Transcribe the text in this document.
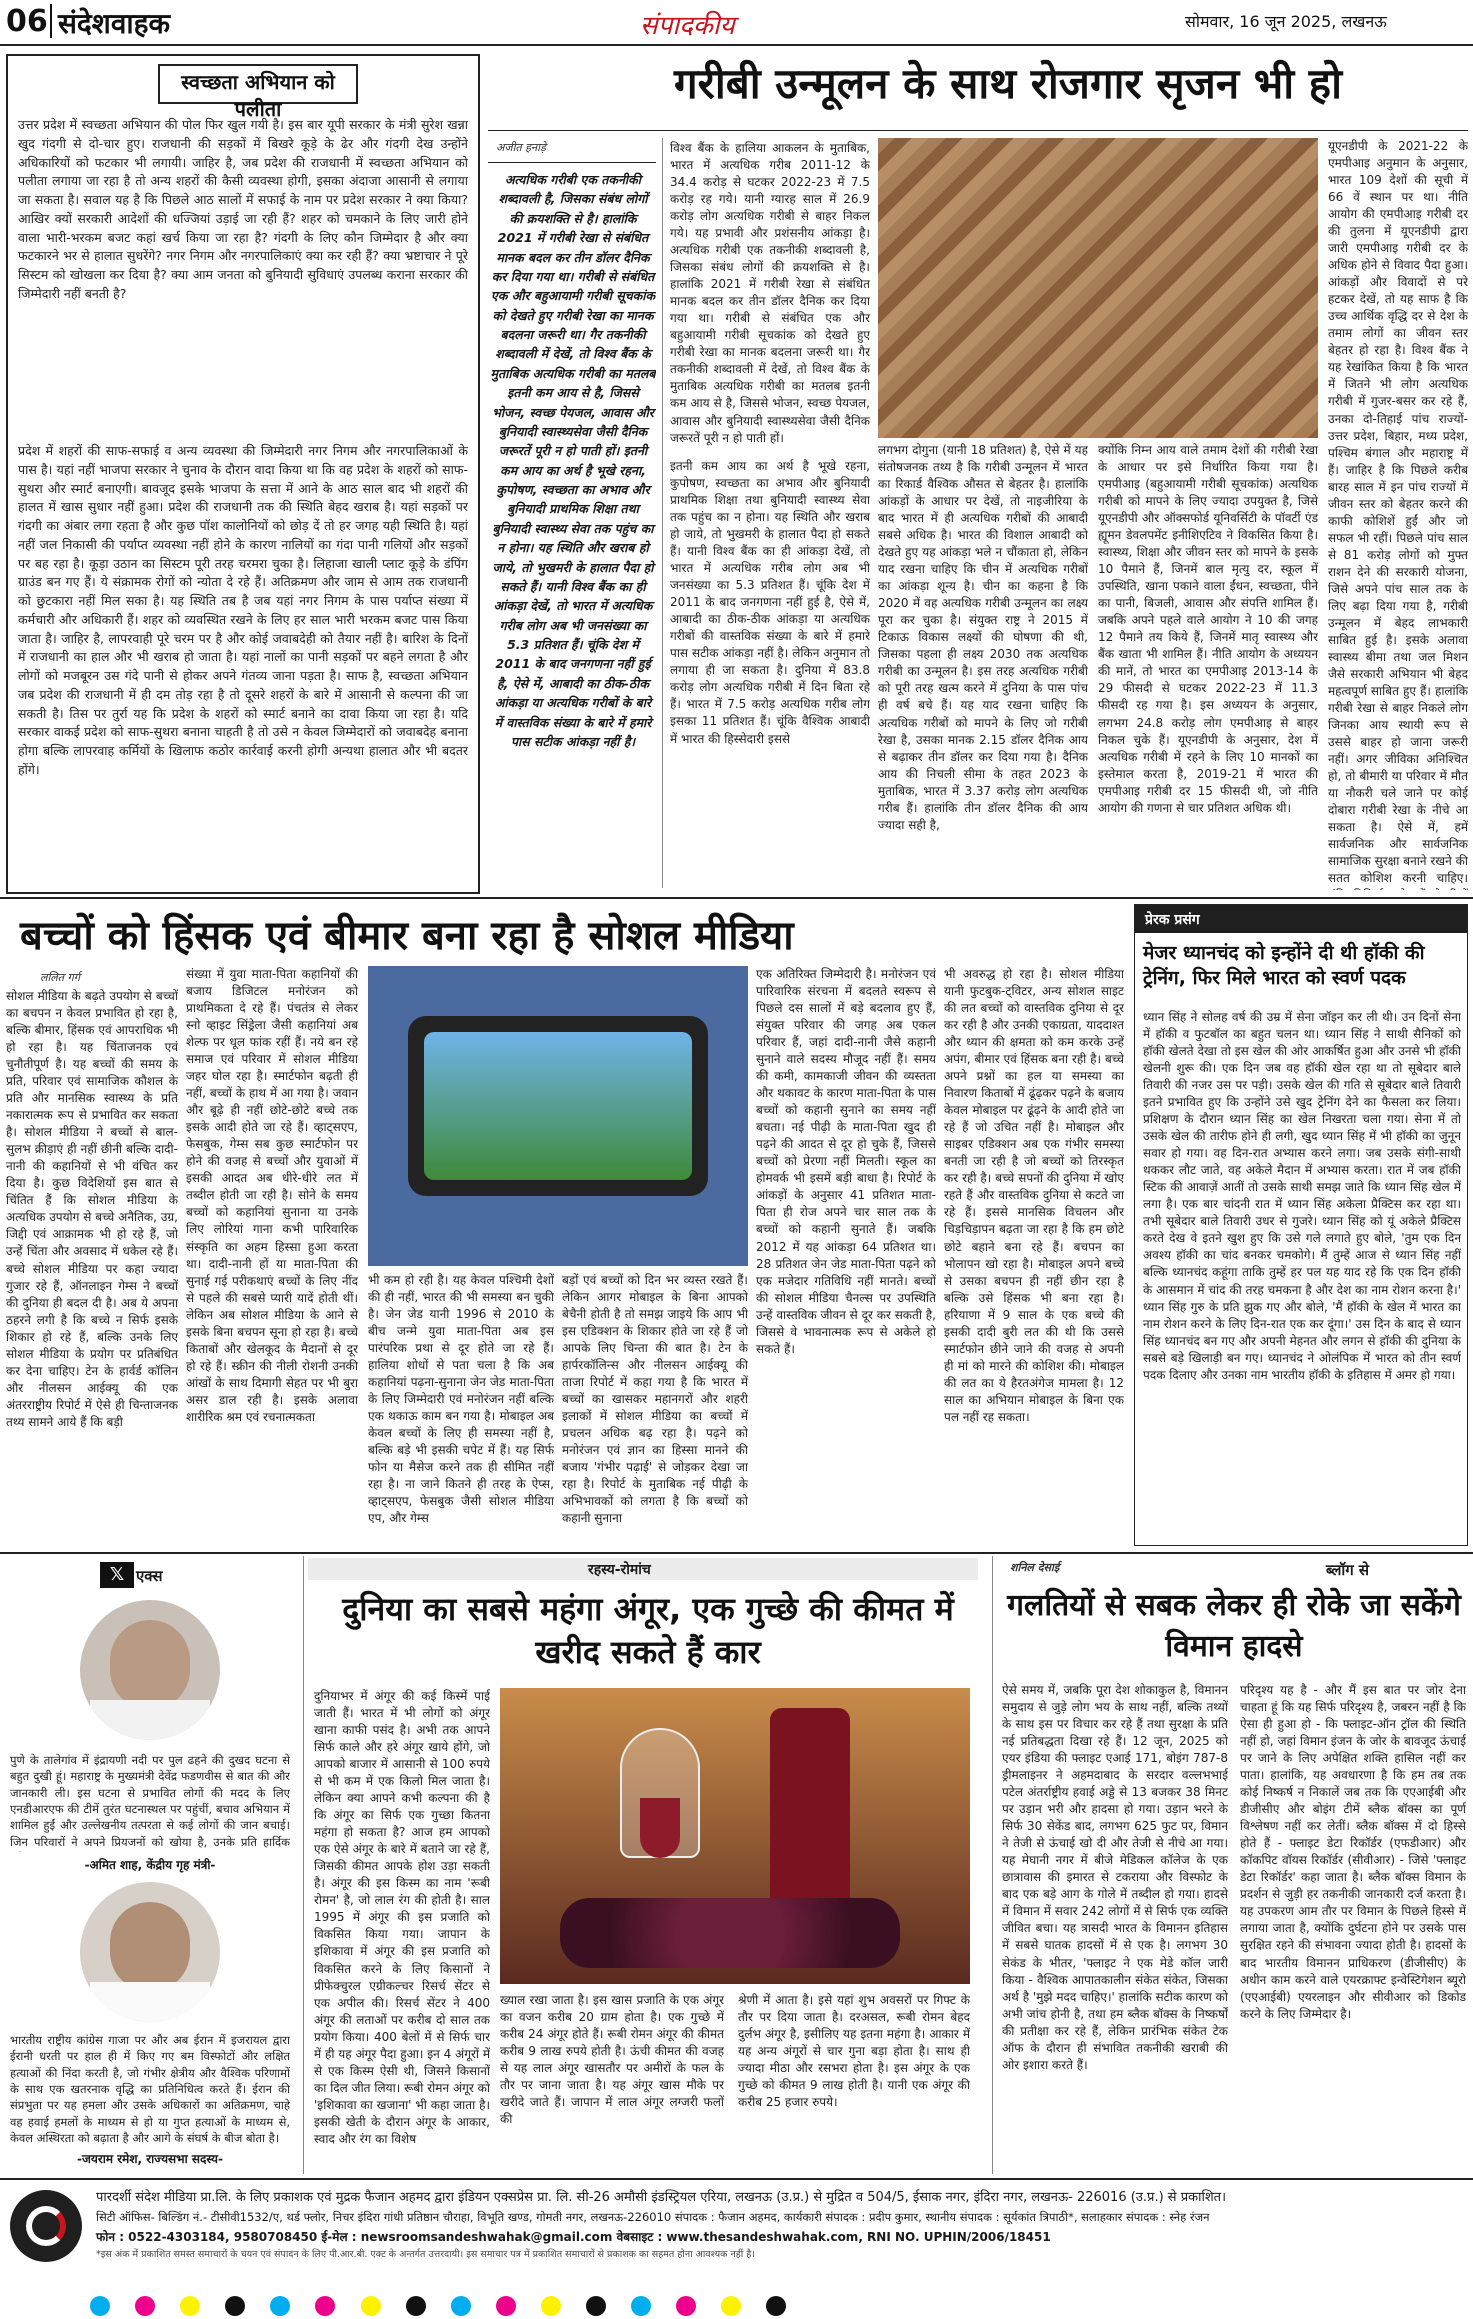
06 संदेशवाहक	संपादकीय	सोमवार, 16 जून 2025, लखनऊ
स्वच्छता अभियान को पलीता
उत्तर प्रदेश में स्वच्छता अभियान की पोल फिर खुल गयी है। इस बार यूपी सरकार के मंत्री सुरेश खन्ना खुद गंदगी से दो-चार हुए। राजधानी की सड़कों में बिखरे कूड़े के ढेर और गंदगी देख उन्होंने अधिकारियों को फटकार भी लगायी। जाहिर है, जब प्रदेश की राजधानी में स्वच्छता अभियान को पलीता लगाया जा रहा है तो अन्य शहरों की कैसी व्यवस्था होगी, इसका अंदाजा आसानी से लगाया जा सकता है। सवाल यह है कि पिछले आठ सालों में सफाई के नाम पर प्रदेश सरकार ने क्या किया? आखिर क्यों सरकारी आदेशों की धज्जियां उड़ाई जा रही हैं? शहर को चमकाने के लिए जारी होने वाला भारी-भरकम बजट कहां खर्च किया जा रहा है? गंदगी के लिए कौन जिम्मेदार है और क्या फटकारने भर से हालात सुधरेंगे? नगर निगम और नगरपालिकाएं क्या कर रही हैं? क्या भ्रष्टाचार ने पूरे सिस्टम को खोखला कर दिया है? क्या आम जनता को बुनियादी सुविधाएं उपलब्ध कराना सरकार की जिम्मेदारी नहीं बनती है?
प्रदेश में शहरों की साफ-सफाई व अन्य व्यवस्था की जिम्मेदारी नगर निगम और नगरपालिकाओं के पास है। यहां नहीं भाजपा सरकार ने चुनाव के दौरान वादा किया था कि वह प्रदेश के शहरों को साफ-सुथरा और स्मार्ट बनाएगी। बावजूद इसके भाजपा के सत्ता में आने के आठ साल बाद भी शहरों की हालत में खास सुधार नहीं हुआ। प्रदेश की राजधानी तक की स्थिति बेहद खराब है। यहां सड़कों पर गंदगी का अंबार लगा रहता है और कुछ पॉश कालोनियों को छोड़ दें तो हर जगह यही स्थिति है। यहां नहीं जल निकासी की पर्याप्त व्यवस्था नहीं होने के कारण नालियों का गंदा पानी गलियों और सड़कों पर बह रहा है। कूड़ा उठान का सिस्टम पूरी तरह चरमरा चुका है। लिहाजा खाली प्लाट कूड़े के डंपिंग ग्राउंड बन गए हैं। ये संक्रामक रोगों को न्योता दे रहे हैं। अतिक्रमण और जाम से आम तक राजधानी को छुटकारा नहीं मिल सका है। यह स्थिति तब है जब यहां नगर निगम के पास पर्याप्त संख्या में कर्मचारी और अधिकारी हैं। शहर को व्यवस्थित रखने के लिए हर साल भारी भरकम बजट पास किया जाता है। जाहिर है, लापरवाही पूरे चरम पर है और कोई जवाबदेही को तैयार नहीं है। बारिश के दिनों में राजधानी का हाल और भी खराब हो जाता है। यहां नालों का पानी सड़कों पर बहने लगता है और लोगों को मजबूरन उस गंदे पानी से होकर अपने गंतव्य जाना पड़ता है। साफ है, स्वच्छता अभियान जब प्रदेश की राजधानी में ही दम तोड़ रहा है तो दूसरे शहरों के बारे में आसानी से कल्पना की जा सकती है। तिस पर तुर्रा यह कि प्रदेश के शहरों को स्मार्ट बनाने का दावा किया जा रहा है। यदि सरकार वाकई प्रदेश को साफ-सुथरा बनाना चाहती है तो उसे न केवल जिम्मेदारों को जवाबदेह बनाना होगा बल्कि लापरवाह कर्मियों के खिलाफ कठोर कार्रवाई करनी होगी अन्यथा हालात और भी बदतर होंगे।
गरीबी उन्मूलन के साथ रोजगार सृजन भी हो
अजीत हनाड़े
अत्यधिक गरीबी एक तकनीकी शब्दावली है, जिसका संबंध लोगों की क्रयशक्ति से है। हालांकि 2021 में गरीबी रेखा से संबंधित मानक बदल कर तीन डॉलर दैनिक कर दिया गया था। गरीबी से संबंधित एक और बहुआयामी गरीबी सूचकांक को देखते हुए गरीबी रेखा का मानक बदलना जरूरी था। गैर तकनीकी शब्दावली में देखें, तो विश्व बैंक के मुताबिक अत्यधिक गरीबी का मतलब इतनी कम आय से है, जिससे भोजन, स्वच्छ पेयजल, आवास और बुनियादी स्वास्थ्यसेवा जैसी दैनिक जरूरतें पूरी न हो पाती हों। इतनी कम आय का अर्थ है भूखे रहना, कुपोषण, स्वच्छता का अभाव और बुनियादी प्राथमिक शिक्षा तथा बुनियादी स्वास्थ्य सेवा तक पहुंच का न होना। यह स्थिति और खराब हो जाये, तो भुखमरी के हालात पैदा हो सकते हैं। यानी विश्व बैंक का ही आंकड़ा देखें, तो भारत में अत्यधिक गरीब लोग अब भी जनसंख्या का 5.3 प्रतिशत हैं। चूंकि देश में 2011 के बाद जनगणना नहीं हुई है, ऐसे में, आबादी का ठीक-ठीक आंकड़ा या अत्यधिक गरीबों के बारे में वास्तविक संख्या के बारे में हमारे पास सटीक आंकड़ा नहीं है।
विश्व बैंक के हालिया आकलन के मुताबिक, भारत में अत्यधिक गरीब 2011-12 के 34.4 करोड़ से घटकर 2022-23 में 7.5 करोड़ रह गये। यानी ग्यारह साल में 26.9 करोड़ लोग अत्यधिक गरीबी से बाहर निकल गये। यह प्रभावी और प्रशंसनीय आंकड़ा है। अत्यधिक गरीबी एक तकनीकी शब्दावली है, जिसका संबंध लोगों की क्रयशक्ति से है। हालांकि 2021 में गरीबी रेखा से संबंधित मानक बदल कर तीन डॉलर दैनिक कर दिया गया था। गरीबी से संबंधित एक और बहुआयामी गरीबी सूचकांक को देखते हुए गरीबी रेखा का मानक बदलना जरूरी था। गैर तकनीकी शब्दावली में देखें, तो विश्व बैंक के मुताबिक अत्यधिक गरीबी का मतलब इतनी कम आय से है, जिससे भोजन, स्वच्छ पेयजल, आवास और बुनियादी स्वास्थ्यसेवा जैसी दैनिक जरूरतें पूरी न हो पाती हों।
इतनी कम आय का अर्थ है भूखे रहना, कुपोषण, स्वच्छता का अभाव और बुनियादी प्राथमिक शिक्षा तथा बुनियादी स्वास्थ्य सेवा तक पहुंच का न होना। यह स्थिति और खराब हो जाये, तो भुखमरी के हालात पैदा हो सकते हैं। यानी विश्व बैंक का ही आंकड़ा देखें, तो भारत में अत्यधिक गरीब लोग अब भी जनसंख्या का 5.3 प्रतिशत हैं। चूंकि देश में 2011 के बाद जनगणना नहीं हुई है, ऐसे में, आबादी का ठीक-ठीक आंकड़ा या अत्यधिक गरीबों की वास्तविक संख्या के बारे में हमारे पास सटीक आंकड़ा नहीं है। लेकिन अनुमान तो लगाया ही जा सकता है। दुनिया में 83.8 करोड़ लोग अत्यधिक गरीबी में दिन बिता रहे हैं। भारत में 7.5 करोड़ अत्यधिक गरीब लोग इसका 11 प्रतिशत हैं। चूंकि वैश्विक आबादी में भारत की हिस्सेदारी इससे
लगभग दोगुना (यानी 18 प्रतिशत) है, ऐसे में यह संतोषजनक तथ्य है कि गरीबी उन्मूलन में भारत का रिकार्ड वैश्विक औसत से बेहतर है। हालांकि आंकड़ों के आधार पर देखें, तो नाइजीरिया के बाद भारत में ही अत्यधिक गरीबों की आबादी सबसे अधिक है। भारत की विशाल आबादी को देखते हुए यह आंकड़ा भले न चौंकाता हो, लेकिन याद रखना चाहिए कि चीन में अत्यधिक गरीबों का आंकड़ा शून्य है। चीन का कहना है कि 2020 में वह अत्यधिक गरीबी उन्मूलन का लक्ष्य पूरा कर चुका है। संयुक्त राष्ट्र ने 2015 में टिकाऊ विकास लक्ष्यों की घोषणा की थी, जिसका पहला ही लक्ष्य 2030 तक अत्यधिक गरीबी का उन्मूलन है। इस तरह अत्यधिक गरीबी को पूरी तरह खत्म करने में दुनिया के पास पांच ही वर्ष बचे हैं। यह याद रखना चाहिए कि अत्यधिक गरीबों को मापने के लिए जो गरीबी रेखा है, उसका मानक 2.15 डॉलर दैनिक आय से बढ़ाकर तीन डॉलर कर दिया गया है। दैनिक आय की निचली सीमा के तहत 2023 के मुताबिक, भारत में 3.37 करोड़ लोग अत्यधिक गरीब हैं। हालांकि तीन डॉलर दैनिक की आय ज्यादा सही है,
क्योंकि निम्न आय वाले तमाम देशों की गरीबी रेखा के आधार पर इसे निर्धारित किया गया है। एमपीआइ (बहुआयामी गरीबी सूचकांक) अत्यधिक गरीबी को मापने के लिए ज्यादा उपयुक्त है, जिसे यूएनडीपी और ऑक्सफोर्ड यूनिवर्सिटी के पॉवर्टी एंड ह्यूमन डेवलपमेंट इनीशिएटिव ने विकसित किया है। स्वास्थ्य, शिक्षा और जीवन स्तर को मापने के इसके 10 पैमाने हैं, जिनमें बाल मृत्यु दर, स्कूल में उपस्थिति, खाना पकाने वाला ईंधन, स्वच्छता, पीने का पानी, बिजली, आवास और संपत्ति शामिल हैं। जबकि अपने पहले वाले आयोग ने 10 की जगह 12 पैमाने तय किये हैं, जिनमें मातृ स्वास्थ्य और बैंक खाता भी शामिल हैं। नीति आयोग के अध्ययन की मानें, तो भारत का एमपीआइ 2013-14 के 29 फीसदी से घटकर 2022-23 में 11.3 फीसदी रह गया है। इस अध्ययन के अनुसार, लगभग 24.8 करोड़ लोग एमपीआइ से बाहर निकल चुके हैं। यूएनडीपी के अनुसार, देश में अत्यधिक गरीबी में रहने के लिए 10 मानकों का इस्तेमाल करता है, 2019-21 में भारत की एमपीआइ गरीबी दर 15 फीसदी थी, जो नीति आयोग की गणना से चार प्रतिशत अधिक थी।
यूएनडीपी के 2021-22 के एमपीआइ अनुमान के अनुसार, भारत 109 देशों की सूची में 66 वें स्थान पर था। नीति आयोग की एमपीआइ गरीबी दर की तुलना में यूएनडीपी द्वारा जारी एमपीआइ गरीबी दर के अधिक होने से विवाद पैदा हुआ। आंकड़ों और विवादों से परे हटकर देखें, तो यह साफ है कि उच्च आर्थिक वृद्धि दर से देश के तमाम लोगों का जीवन स्तर बेहतर हो रहा है। विश्व बैंक ने यह रेखांकित किया है कि भारत में जितने भी लोग अत्यधिक गरीबी में गुजर-बसर कर रहे हैं, उनका दो-तिहाई पांच राज्यों-उत्तर प्रदेश, बिहार, मध्य प्रदेश, पश्चिम बंगाल और महाराष्ट्र में हैं। जाहिर है कि पिछले करीब बारह साल में इन पांच राज्यों में जीवन स्तर को बेहतर करने की काफी कोशिशें हुईं और जो सफल भी रहीं। पिछले पांच साल से 81 करोड़ लोगों को मुफ्त राशन देने की सरकारी योजना, जिसे अपने पांच साल तक के लिए बढ़ा दिया गया है, गरीबी उन्मूलन में बेहद लाभकारी साबित हुई है। इसके अलावा स्वास्थ्य बीमा तथा जल मिशन जैसे सरकारी अभियान भी बेहद महत्वपूर्ण साबित हुए हैं। हालांकि गरीबी रेखा से बाहर निकले लोग जिनका आय स्थायी रूप से उससे बाहर हो जाना जरूरी नहीं। अगर जीविका अनिश्चित हो, तो बीमारी या परिवार में मौत या नौकरी चले जाने पर कोई दोबारा गरीबी रेखा के नीचे आ सकता है। ऐसे में, हमें सार्वजनिक और सार्वजनिक सामाजिक सुरक्षा बनाने रखने की सतत कोशिश करनी चाहिए।
बच्चों को हिंसक एवं बीमार बना रहा है सोशल मीडिया
ललित गर्ग
सोशल मीडिया के बढ़ते उपयोग से बच्चों का बचपन न केवल प्रभावित हो रहा है, बल्कि बीमार, हिंसक एवं आपराधिक भी हो रहा है। यह चिंताजनक एवं चुनौतीपूर्ण है। यह बच्चों की समय के प्रति, परिवार एवं सामाजिक कौशल के प्रति और मानसिक स्वास्थ्य के प्रति नकारात्मक रूप से प्रभावित कर सकता है। सोशल मीडिया ने बच्चों से बाल-सुलभ क्रीड़ाएं ही नहीं छीनी बल्कि दादी-नानी की कहानियों से भी वंचित कर दिया है। कुछ विदेशियों इस बात से चिंतित हैं कि सोशल मीडिया के अत्यधिक उपयोग से बच्चे अनैतिक, उग्र, जिद्दी एवं आक्रामक भी हो रहे हैं, जो उन्हें चिंता और अवसाद में धकेल रहे हैं। बच्चे सोशल मीडिया पर कहा ज्यादा गुजार रहे हैं, ऑनलाइन गेम्स ने बच्चों की दुनिया ही बदल दी है। अब ये अपना ठहरने लगी है कि बच्चे न सिर्फ इसके शिकार हो रहे हैं, बल्कि उनके लिए सोशल मीडिया के प्रयोग पर प्रतिबंधित कर देना चाहिए। टेन के हार्वर्ड कॉलिन और नीलसन आईक्यू की एक अंतरराष्ट्रीय रिपोर्ट में ऐसे ही चिन्ताजनक तथ्य सामने आये हैं कि बड़ी
संख्या में युवा माता-पिता कहानियों की बजाय डिजिटल मनोरंजन को प्राथमिकता दे रहे हैं। पंचतंत्र से लेकर स्नो व्हाइट सिंड्रेला जैसी कहानियां अब शेल्फ पर धूल फांक रहीं हैं। नये बन रहे समाज एवं परिवार में सोशल मीडिया जहर घोल रहा है। स्मार्टफोन बढ़ती ही नहीं, बच्चों के हाथ में आ गया है। जवान और बूढ़े ही नहीं छोटे-छोटे बच्चे तक इसके आदी होते जा रहे हैं। व्हाट्सएप, फेसबुक, गेम्स सब कुछ स्मार्टफोन पर होने की वजह से बच्चों और युवाओं में इसकी आदत अब धीरे-धीरे लत में तब्दील होती जा रही है। सोने के समय बच्चों को कहानियां सुनाना या उनके लिए लोरियां गाना कभी पारिवारिक संस्कृति का अहम हिस्सा हुआ करता था। दादी-नानी हों या माता-पिता की सुनाई गई परीकथाएं बच्चों के लिए नींद से पहले की सबसे प्यारी यादें होती थीं। लेकिन अब सोशल मीडिया के आने से इसके बिना बचपन सूना हो रहा है। बच्चे किताबों और खेलकूद के मैदानों से दूर हो रहे हैं। स्क्रीन की नीली रोशनी उनकी आंखों के साथ दिमागी सेहत पर भी बुरा असर डाल रही है। इसके अलावा शारीरिक श्रम एवं रचनात्मकता
भी कम हो रही है। यह केवल पश्चिमी देशों की ही नहीं, भारत की भी समस्या बन चुकी है। जेन जेड यानी 1996 से 2010 के बीच जन्मे युवा माता-पिता अब इस पारंपरिक प्रथा से दूर होते जा रहे हैं। हालिया शोधों से पता चला है कि अब कहानियां पढ़ना-सुनाना जेन जेड माता-पिता के लिए जिम्मेदारी एवं मनोरंजन नहीं बल्कि एक थकाऊ काम बन गया है। मोबाइल अब केवल बच्चों के लिए ही समस्या नहीं है, बल्कि बड़े भी इसकी चपेट में हैं। यह सिर्फ फोन या मैसेज करने तक ही सीमित नहीं रहा है। ना जाने कितने ही तरह के ऐप्स, व्हाट्सएप, फेसबुक जैसी सोशल मीडिया एप, और गेम्स
बड़ों एवं बच्चों को दिन भर व्यस्त रखते हैं। लेकिन आगर मोबाइल के बिना आपको बेचैनी होती है तो समझ जाइये कि आप भी इस एडिक्शन के शिकार होते जा रहे हैं जो आपके लिए चिन्ता की बात है। टेन के हार्परकॉलिन्स और नीलसन आईक्यू की ताजा रिपोर्ट में कहा गया है कि भारत में बच्चों का खासकर महानगरों और शहरी इलाकों में सोशल मीडिया का बच्चों में प्रचलन अधिक बढ़ रहा है। पढ़ने को मनोरंजन एवं ज्ञान का हिस्सा मानने की बजाय 'गंभीर पढ़ाई' से जोड़कर देखा जा रहा है। रिपोर्ट के मुताबिक नई पीढ़ी के अभिभावकों को लगता है कि बच्चों को कहानी सुनाना
एक अतिरिक्त जिम्मेदारी है। मनोरंजन एवं पारिवारिक संरचना में बदलते स्वरूप से पिछले दस सालों में बड़े बदलाव हुए हैं, संयुक्त परिवार की जगह अब एकल परिवार हैं, जहां दादी-नानी जैसे कहानी सुनाने वाले सदस्य मौजूद नहीं हैं। समय की कमी, कामकाजी जीवन की व्यस्तता और थकावट के कारण माता-पिता के पास बच्चों को कहानी सुनाने का समय नहीं बचता। नई पीढ़ी के माता-पिता खुद ही पढ़ने की आदत से दूर हो चुके हैं, जिससे बच्चों को प्रेरणा नहीं मिलती। स्कूल का होमवर्क भी इसमें बड़ी बाधा है। रिपोर्ट के आंकड़ों के अनुसार 41 प्रतिशत माता-पिता ही रोज अपने चार साल तक के बच्चों को कहानी सुनाते हैं। जबकि 2012 में यह आंकड़ा 64 प्रतिशत था। 28 प्रतिशत जेन जेड माता-पिता पढ़ने को एक मजेदार गतिविधि नहीं मानते। बच्चों की सोशल मीडिया चैनल्स पर उपस्थिति उन्हें वास्तविक जीवन से दूर कर सकती है, जिससे वे भावनात्मक रूप से अकेले हो सकते हैं।
भी अवरुद्ध हो रहा है। सोशल मीडिया यानी फुटबुक-ट्विटर, अन्य सोशल साइट की लत बच्चों को वास्तविक दुनिया से दूर कर रही है और उनकी एकाग्रता, याददाश्त और ध्यान की क्षमता को कम करके उन्हें अपंग, बीमार एवं हिंसक बना रही है। बच्चे अपने प्रश्नों का हल या समस्या का निवारण किताबों में ढूंढ़कर पढ़ने के बजाय केवल मोबाइल पर ढूंढ़ने के आदी होते जा रहे हैं जो उचित नहीं है। मोबाइल और साइबर एडिक्शन अब एक गंभीर समस्या बनती जा रही है जो बच्चों को तिरस्कृत कर रही है। बच्चे सपनों की दुनिया में खोए रहते हैं और वास्तविक दुनिया से कटते जा रहे हैं। इससे मानसिक विचलन और चिड़चिड़ापन बढ़ता जा रहा है कि हम छोटे छोटे बहाने बना रहे हैं। बचपन का भोलापन खो रहा है। मोबाइल अपने बच्चे से उसका बचपन ही नहीं छीन रहा है बल्कि उसे हिंसक भी बना रहा है। हरियाणा में 9 साल के एक बच्चे की इसकी दादी बुरी लत की थी कि उससे स्मार्टफोन छीने जाने की वजह से अपनी ही मां को मारने की कोशिश की। मोबाइल की लत का ये हैरतअंगेज मामला है। 12 साल का अभियान मोबाइल के बिना एक पल नहीं रह सकता।
प्रेरक प्रसंग
मेजर ध्यानचंद को इन्होंने दी थी हॉकी की ट्रेनिंग, फिर मिले भारत को स्वर्ण पदक
ध्यान सिंह ने सोलह वर्ष की उम्र में सेना जॉइन कर ली थी। उन दिनों सेना में हॉकी व फुटबॉल का बहुत चलन था। ध्यान सिंह ने साथी सैनिकों को हॉकी खेलते देखा तो इस खेल की ओर आकर्षित हुआ और उनसे भी हॉकी खेलनी शुरू की। एक दिन जब वह हॉकी खेल रहा था तो सूबेदार बाले तिवारी की नजर उस पर पड़ी। उसके खेल की गति से सूबेदार बाले तिवारी इतने प्रभावित हुए कि उन्होंने उसे खुद ट्रेनिंग देने का फैसला कर लिया। प्रशिक्षण के दौरान ध्यान सिंह का खेल निखरता चला गया। सेना में तो उसके खेल की तारीफ होने ही लगी, खुद ध्यान सिंह में भी हॉकी का जुनून सवार हो गया। वह दिन-रात अभ्यास करने लगा। जब उसके संगी-साथी थककर लौट जाते, वह अकेले मैदान में अभ्यास करता। रात में जब हॉकी स्टिक की आवाज़ें आतीं तो उसके साथी समझ जाते कि ध्यान सिंह खेल में लगा है। एक बार चांदनी रात में ध्यान सिंह अकेला प्रैक्टिस कर रहा था। तभी सूबेदार बाले तिवारी उधर से गुजरे। ध्यान सिंह को यूं अकेले प्रैक्टिस करते देख वे इतने खुश हुए कि उसे गले लगाते हुए बोले, 'तुम एक दिन अवश्य हॉकी का चांद बनकर चमकोगे। मैं तुम्हें आज से ध्यान सिंह नहीं बल्कि ध्यानचंद कहूंगा ताकि तुम्हें हर पल यह याद रहे कि एक दिन हॉकी के आसमान में चांद की तरह चमकना है और देश का नाम रोशन करना है।' ध्यान सिंह गुरु के प्रति झुक गए और बोले, 'मैं हॉकी के खेल में भारत का नाम रोशन करने के लिए दिन-रात एक कर दूंगा।' उस दिन के बाद से ध्यान सिंह ध्यानचंद बन गए और अपनी मेहनत और लगन से हॉकी की दुनिया के सबसे बड़े खिलाड़ी बन गए। ध्यानचंद ने ओलंपिक में भारत को तीन स्वर्ण पदक दिलाए और उनका नाम भारतीय हॉकी के इतिहास में अमर हो गया।
𝕏 एक्स
पुणे के तालेगांव में इंद्रायणी नदी पर पुल ढहने की दुखद घटना से बहुत दुखी हूं। महाराष्ट्र के मुख्यमंत्री देवेंद्र फडणवीस से बात की और जानकारी ली। इस घटना से प्रभावित लोगों की मदद के लिए एनडीआरएफ की टीमें तुरंत घटनास्थल पर पहुंचीं, बचाव अभियान में शामिल हुईं और उल्लेखनीय तत्परता से कई लोगों की जान बचाई। जिन परिवारों ने अपने प्रियजनों को खोया है, उनके प्रति हार्दिक
-अमित शाह, केंद्रीय गृह मंत्री-
भारतीय राष्ट्रीय कांग्रेस गाजा पर और अब ईरान में इजरायल द्वारा ईरानी धरती पर हाल ही में किए गए बम विस्फोटों और लक्षित हत्याओं की निंदा करती है, जो गंभीर क्षेत्रीय और वैश्विक परिणामों के साथ एक खतरनाक वृद्धि का प्रतिनिधित्व करते हैं। ईरान की संप्रभुता पर यह हमला और उसके अधिकारों का अतिक्रमण, चाहे वह हवाई हमलों के माध्यम से हो या गुप्त हत्याओं के माध्यम से, केवल अस्थिरता को बढ़ाता है और आगे के संघर्ष के बीज बोता है।
-जयराम रमेश, राज्यसभा सदस्य-
रहस्य-रोमांच
दुनिया का सबसे महंगा अंगूर, एक गुच्छे की कीमत में खरीद सकते हैं कार
दुनियाभर में अंगूर की कई किस्में पाई जाती हैं। भारत में भी लोगों को अंगूर खाना काफी पसंद है। अभी तक आपने सिर्फ काले और हरे अंगूर खाये होंगे, जो आपको बाजार में आसानी से 100 रुपये से भी कम में एक किलो मिल जाता है। लेकिन क्या आपने कभी कल्पना की है कि अंगूर का सिर्फ एक गुच्छा कितना महंगा हो सकता है? आज हम आपको एक ऐसे अंगूर के बारे में बताने जा रहे हैं, जिसकी कीमत आपके होश उड़ा सकती है। अंगूर की इस किस्म का नाम 'रूबी रोमन' है, जो लाल रंग की होती है। साल 1995 में अंगूर की इस प्रजाति को विकसित किया गया। जापान के इशिकावा में अंगूर की इस प्रजाति को विकसित करने के लिए किसानों ने प्रीफेक्चुरल एग्रीकल्चर रिसर्च सेंटर से एक अपील की। रिसर्च सेंटर ने 400 अंगूर की लताओं पर करीब दो साल तक प्रयोग किया। 400 बेलों में से सिर्फ चार में ही यह अंगूर पैदा हुआ। इन 4 अंगूरों में से एक किस्म ऐसी थी, जिसने किसानों का दिल जीत लिया। रूबी रोमन अंगूर को 'इशिकावा का खजाना' भी कहा जाता है। इसकी खेती के दौरान अंगूर के आकार, स्वाद और रंग का विशेष
ख्याल रखा जाता है। इस खास प्रजाति के एक अंगूर का वजन करीब 20 ग्राम होता है। एक गुच्छे में करीब 24 अंगूर होते हैं। रूबी रोमन अंगूर की कीमत करीब 9 लाख रुपये होती है। ऊंची कीमत की वजह से यह लाल अंगूर खासतौर पर अमीरों के फल के तौर पर जाना जाता है। यह अंगूर खास मौके पर खरीदे जाते हैं। जापान में लाल अंगूर लग्जरी फलों की
श्रेणी में आता है। इसे यहां शुभ अवसरों पर गिफ्ट के तौर पर दिया जाता है। दरअसल, रूबी रोमन बेहद दुर्लभ अंगूर है, इसीलिए यह इतना महंगा है। आकार में यह अन्य अंगूरों से चार गुना बड़ा होता है। साथ ही ज्यादा मीठा और रसभरा होता है। इस अंगूर के एक गुच्छे को कीमत 9 लाख होती है। यानी एक अंगूर की करीब 25 हजार रुपये।
शनिल देसाई	ब्लॉग से
गलतियों से सबक लेकर ही रोके जा सकेंगे विमान हादसे
ऐसे समय में, जबकि पूरा देश शोकाकुल है, विमानन समुदाय से जुड़े लोग भय के साथ नहीं, बल्कि तथ्यों के साथ इस पर विचार कर रहे हैं तथा सुरक्षा के प्रति नई प्रतिबद्धता दिखा रहे हैं। 12 जून, 2025 को एयर इंडिया की फ्लाइट एआई 171, बोइंग 787-8 ड्रीमलाइनर ने अहमदाबाद के सरदार वल्लभभाई पटेल अंतर्राष्ट्रीय हवाई अड्डे से 13 बजकर 38 मिनट पर उड़ान भरी और हादसा हो गया। उड़ान भरने के सिर्फ 30 सेकेंड बाद, लगभग 625 फुट पर, विमान ने तेजी से ऊंचाई खो दी और तेजी से नीचे आ गया। यह मेघानी नगर में बीजे मेडिकल कॉलेज के एक छात्रावास की इमारत से टकराया और विस्फोट के बाद एक बड़े आग के गोले में तब्दील हो गया। हादसे में विमान में सवार 242 लोगों में से सिर्फ एक व्यक्ति जीवित बचा। यह त्रासदी भारत के विमानन इतिहास में सबसे घातक हादसों में से एक है। लगभग 30 सेकंड के भीतर, 'फ्लाइट ने एक मेडे कॉल जारी किया - वैश्विक आपातकालीन संकेत संकेत, जिसका अर्थ है 'मुझे मदद चाहिए।' हालांकि सटीक कारण को अभी जांच होनी है, तथा हम ब्लैक बॉक्स के निष्कर्षों की प्रतीक्षा कर रहे हैं, लेकिन प्रारंभिक संकेत टेक ऑफ के दौरान ही संभावित तकनीकी खराबी की ओर इशारा करते हैं।
परिदृश्य यह है - और मैं इस बात पर जोर देना चाहता हूं कि यह सिर्फ परिदृश्य है, जबरन नहीं है कि ऐसा ही हुआ हो - कि फ्लाइट-ऑन ट्रॉल की स्थिति नहीं हो, जहां विमान इंजन के जोर के बावजूद ऊंचाई पर जाने के लिए अपेक्षित शक्ति हासिल नहीं कर पाता। हालांकि, यह अवधारणा है कि हम तब तक कोई निष्कर्ष न निकालें जब तक कि एएआईबी और डीजीसीए और बोइंग टीमें ब्लैक बॉक्स का पूर्ण विश्लेषण नहीं कर लेतीं। ब्लैक बॉक्स में दो हिस्से होते हैं - फ्लाइट डेटा रिकॉर्डर (एफडीआर) और कॉकपिट वॉयस रिकॉर्डर (सीवीआर) - जिसे 'फ्लाइट डेटा रिकॉर्डर' कहा जाता है। ब्लैक बॉक्स विमान के प्रदर्शन से जुड़ी हर तकनीकी जानकारी दर्ज करता है। यह उपकरण आम तौर पर विमान के पिछले हिस्से में लगाया जाता है, क्योंकि दुर्घटना होने पर उसके पास सुरक्षित रहने की संभावना ज्यादा होती है। हादसों के बाद भारतीय विमानन प्राधिकरण (डीजीसीए) के अधीन काम करने वाले एयरक्राफ्ट इन्वेस्टिगेशन ब्यूरो (एएआईबी) एयरलाइन और सीवीआर को डिकोड करने के लिए जिम्मेदार है।
पारदर्शी संदेश मीडिया प्रा.लि. के लिए प्रकाशक एवं मुद्रक फैजान अहमद द्वारा इंडियन एक्सप्रेस प्रा. लि. सी-26 अमौसी इंडस्ट्रियल एरिया, लखनऊ (उ.प्र.) से मुद्रित व 504/5, ईसाक नगर, इंदिरा नगर, लखनऊ- 226016 (उ.प्र.) से प्रकाशित।
सिटी ऑफिस- बिल्डिंग नं.- टीसीवी1532/ए, थर्ड फ्लोर, निचर इंदिरा गांधी प्रतिष्ठान चौराहा, विभूति खण्ड, गोमती नगर, लखनऊ-226010 संपादक : फैजान अहमद, कार्यकारी संपादक : प्रदीप कुमार, स्थानीय संपादक : सूर्यकांत त्रिपाठी*, सलाहकार संपादक : स्नेह रंजन
फोन : 0522-4303184, 9580708450 ई-मेल : newsroomsandeshwahak@gmail.com वेबसाइट : www.thesandeshwahak.com, RNI NO. UPHIN/2006/18451
*इस अंक में प्रकाशित समस्त समाचारों के चयन एवं संपादन के लिए पी.आर.बी. एक्ट के अन्तर्गत उत्तरदायी। इस समाचार पत्र में प्रकाशित समाचारों से प्रकाशक का सहमत होना आवश्यक नहीं है।
